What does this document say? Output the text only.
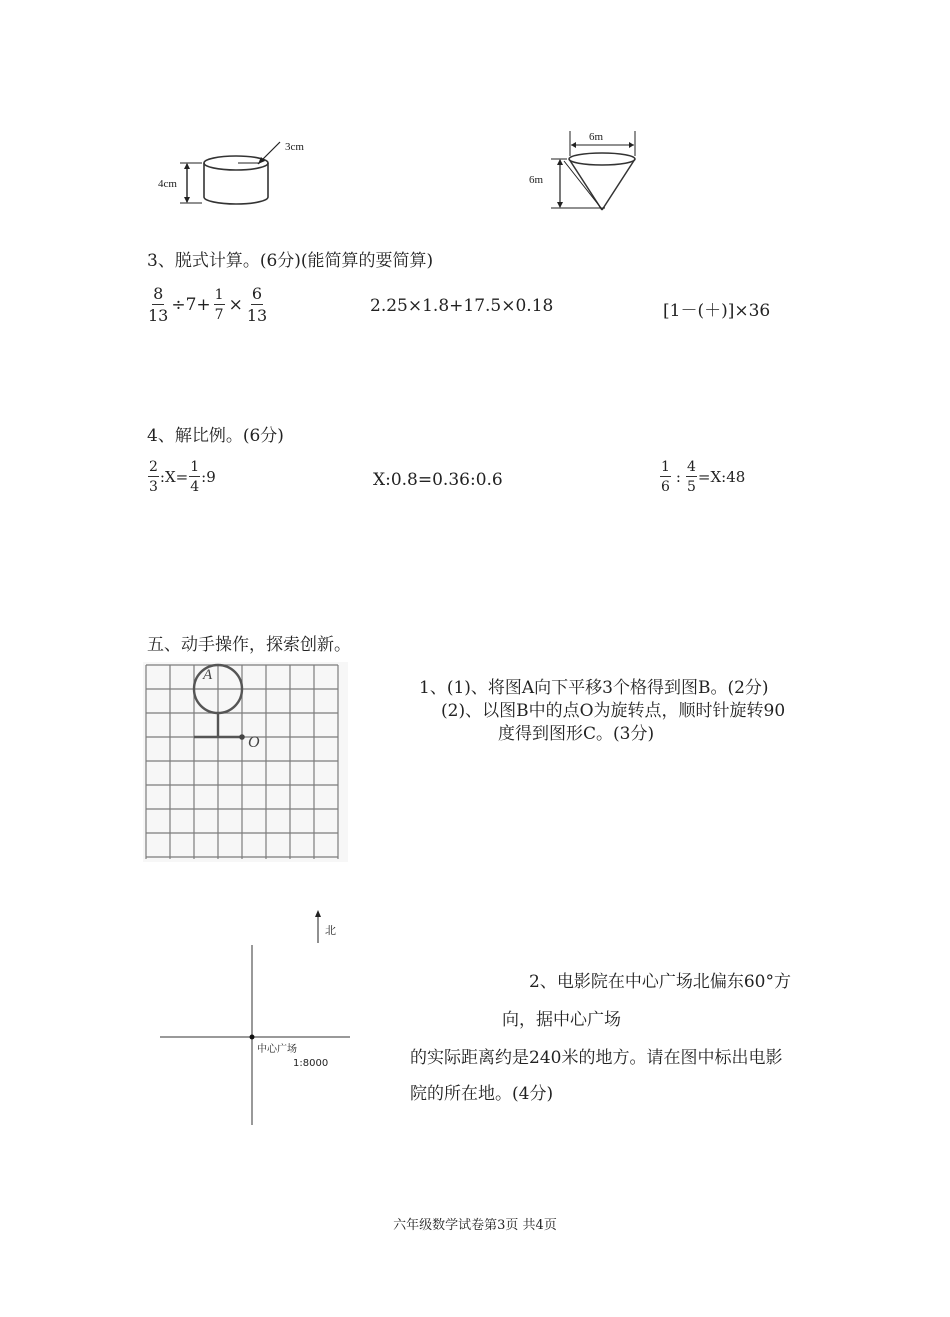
4cm
3cm
6m
6m
3、脱式计算。(6分)(能简算的要简算)
$\frac{8}{13} \div 7+ \frac{1}{7} \times \frac{6}{13}$	2.25×1.8+17.5×0.18	[1－(＋)]×36
4、解比例。(6分)
$\frac{2}{3}$ :X= $\frac{1}{4}$ :9	X:0.8=0.36:0.6	$\frac{1}{6}$ : $\frac{4}{5}$ =X:48
五、动手操作，探索创新。
A
O
1、(1)、将图A向下平移3个格得到图B。(2分)
(2)、以图B中的点O为旋转点，顺时针旋转90
度得到图形C。(3分)
北
中心广场
1:8000
2、电影院在中心广场北偏东60°方
向，据中心广场
的实际距离约是240米的地方。请在图中标出电影
院的所在地。(4分)
六年级数学试卷第3页 共4页
